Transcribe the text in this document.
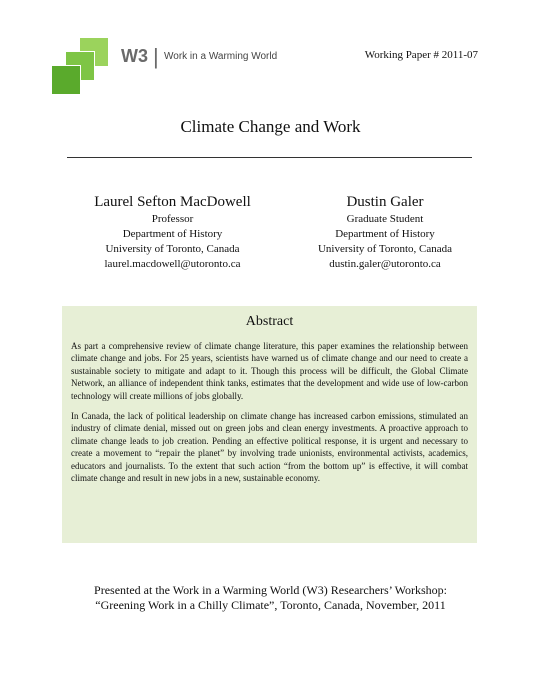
W3 | Work in a Warming World	Working Paper # 2011-07
Climate Change and Work
Laurel Sefton MacDowell
Professor
Department of History
University of Toronto, Canada
laurel.macdowell@utoronto.ca
Dustin Galer
Graduate Student
Department of History
University of Toronto, Canada
dustin.galer@utoronto.ca
Abstract

As part a comprehensive review of climate change literature, this paper examines the relationship between climate change and jobs. For 25 years, scientists have warned us of climate change and our need to create a sustainable society to mitigate and adapt to it. Though this process will be difficult, the Global Climate Network, an alliance of independent think tanks, estimates that the development and wide use of low-carbon technology will create millions of jobs globally.

In Canada, the lack of political leadership on climate change has increased carbon emissions, stimulated an industry of climate denial, missed out on green jobs and clean energy investments. A proactive approach to climate change leads to job creation. Pending an effective political response, it is urgent and necessary to create a movement to “repair the planet” by involving trade unionists, environmental activists, academics, educators and journalists. To the extent that such action “from the bottom up” is effective, it will combat climate change and result in new jobs in a new, sustainable economy.

Presented at the Work in a Warming World (W3) Researchers’ Workshop:
“Greening Work in a Chilly Climate”, Toronto, Canada, November, 2011
